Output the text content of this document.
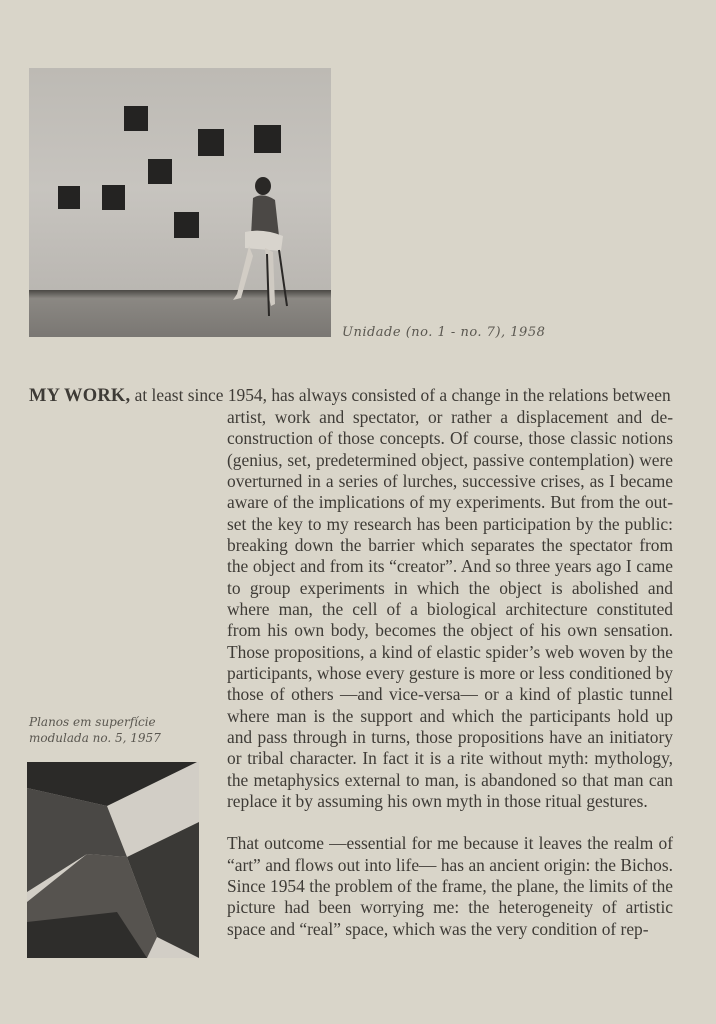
Unidade (no. 1 - no. 7), 1958
MY WORK, at least since 1954, has always consisted of a change in the relations between

artist, work and spectator, or rather a displacement and deconstruction of those concepts. Of course, those classic notions (genius, set, predetermined object, passive contemplation) were overturned in a series of lurches, successive crises, as I became aware of the implications of my experiments. But from the outset the key to my research has been participation by the public: breaking down the barrier which separates the spectator from the object and from its “creator”. And so three years ago I came to group experiments in which the object is abolished and where man, the cell of a biological architecture constituted from his own body, becomes the object of his own sensation. Those propositions, a kind of elastic spider’s web woven by the participants, whose every gesture is more or less conditioned by those of others —and vice-versa— or a kind of plastic tunnel where man is the support and which the participants hold up and pass through in turns, those propositions have an initiatory or tribal character. In fact it is a rite without myth: mythology, the metaphysics external to man, is abandoned so that man can replace it by assuming his own myth in those ritual gestures.

That outcome —essential for me because it leaves the realm of “art” and flows out into life— has an ancient origin: the Bichos. Since 1954 the problem of the frame, the plane, the limits of the picture had been worrying me: the heterogeneity of artistic space and “real” space, which was the very condition of rep-

Planos em superfície modulada no. 5, 1957
